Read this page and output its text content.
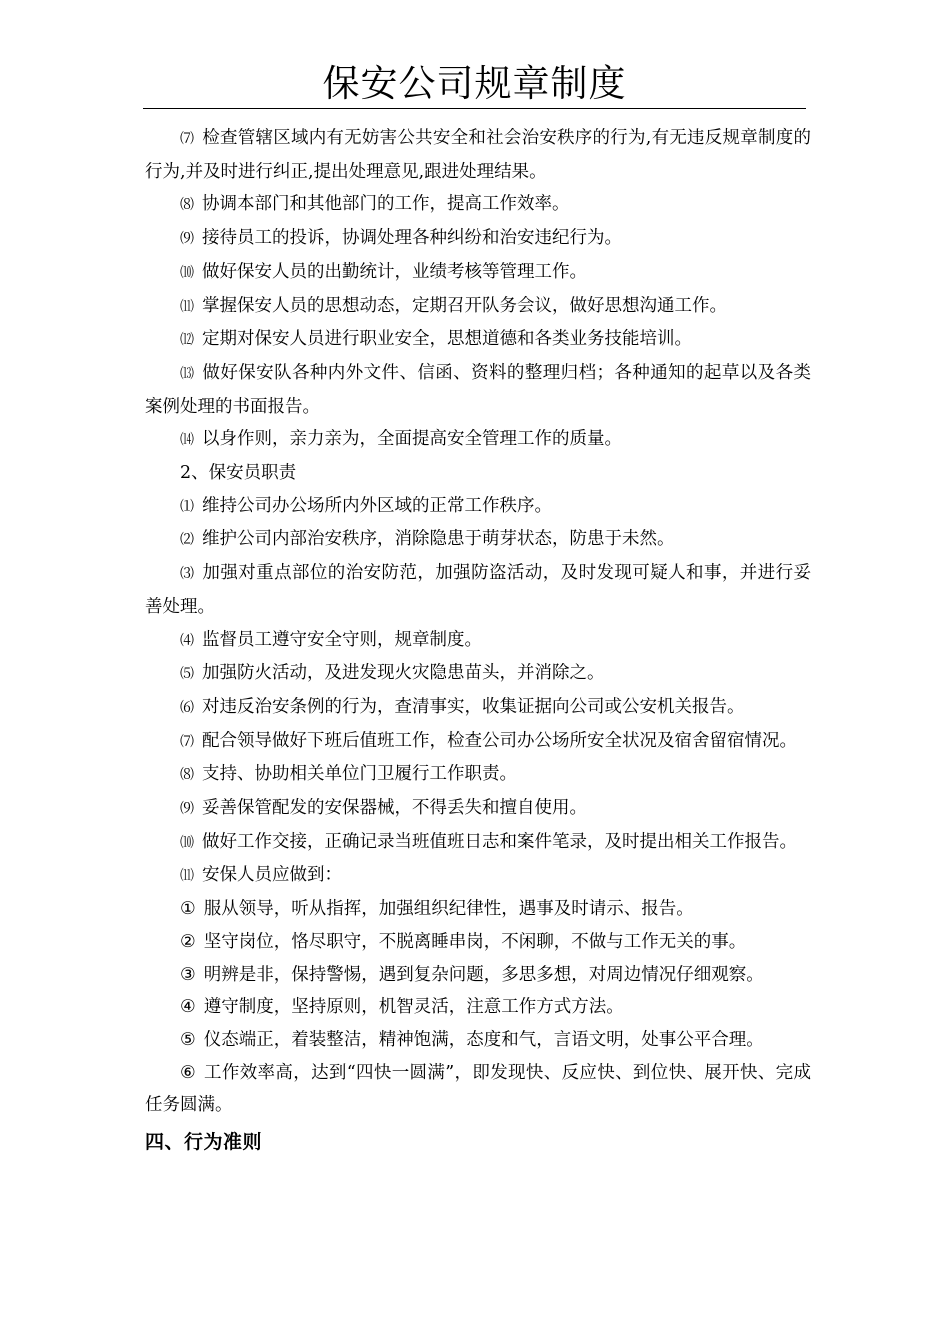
保安公司规章制度

⑺ 检查管辖区域内有无妨害公共安全和社会治安秩序的行为,有无违反规章制度的行为,并及时进行纠正,提出处理意见,跟进处理结果。

⑻ 协调本部门和其他部门的工作，提高工作效率。

⑼ 接待员工的投诉，协调处理各种纠纷和治安违纪行为。

⑽ 做好保安人员的出勤统计，业绩考核等管理工作。

⑾ 掌握保安人员的思想动态，定期召开队务会议，做好思想沟通工作。

⑿ 定期对保安人员进行职业安全，思想道德和各类业务技能培训。

⒀ 做好保安队各种内外文件、信函、资料的整理归档；各种通知的起草以及各类案例处理的书面报告。

⒁ 以身作则，亲力亲为，全面提高安全管理工作的质量。

2、保安员职责

⑴ 维持公司办公场所内外区域的正常工作秩序。

⑵ 维护公司内部治安秩序，消除隐患于萌芽状态，防患于未然。

⑶ 加强对重点部位的治安防范，加强防盗活动，及时发现可疑人和事，并进行妥善处理。

⑷ 监督员工遵守安全守则，规章制度。

⑸ 加强防火活动，及进发现火灾隐患苗头，并消除之。

⑹ 对违反治安条例的行为，查清事实，收集证据向公司或公安机关报告。

⑺ 配合领导做好下班后值班工作，检查公司办公场所安全状况及宿舍留宿情况。

⑻ 支持、协助相关单位门卫履行工作职责。

⑼ 妥善保管配发的安保器械，不得丢失和擅自使用。

⑽ 做好工作交接，正确记录当班值班日志和案件笔录，及时提出相关工作报告。

⑾ 安保人员应做到：

① 服从领导，听从指挥，加强组织纪律性，遇事及时请示、报告。

② 坚守岗位，恪尽职守，不脱离睡串岗，不闲聊，不做与工作无关的事。

③ 明辨是非，保持警惕，遇到复杂问题，多思多想，对周边情况仔细观察。

④ 遵守制度，坚持原则，机智灵活，注意工作方式方法。

⑤ 仪态端正，着装整洁，精神饱满，态度和气，言语文明，处事公平合理。

⑥ 工作效率高，达到“四快一圆满”，即发现快、反应快、到位快、展开快、完成任务圆满。

四、行为准则
